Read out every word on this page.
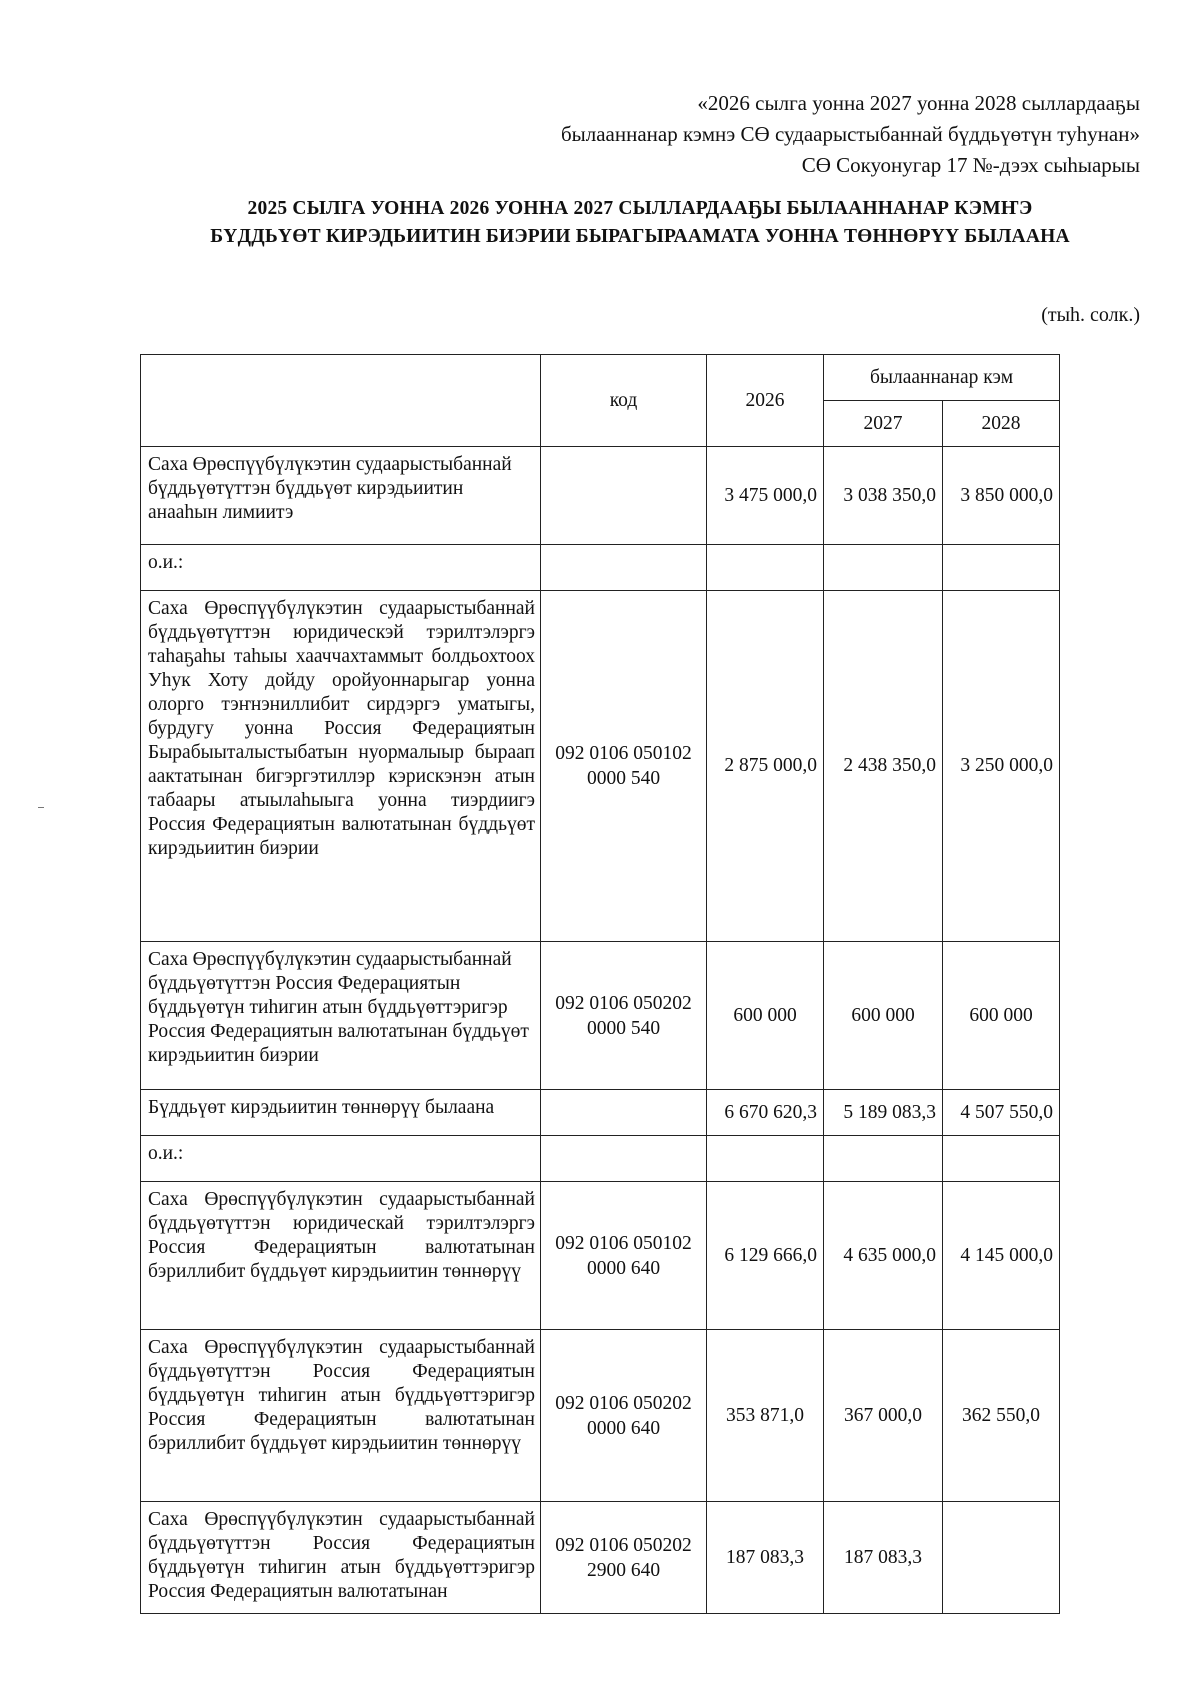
«2026 сылга уонна 2027 уонна 2028 сыллардааҕы
былааннанар кэмнэ СӨ судаарыстыбаннай бүддьүөтүн туһунан»
СӨ Сокуонугар 17 №-дээх сыһыарыы
2025 СЫЛГА УОННА 2026 УОННА 2027 СЫЛЛАРДААҔЫ БЫЛААННАНАР КЭМҤЭ
БҮДДЬҮӨТ КИРЭДЬИИТИН БИЭРИИ БЫРАГЫРААМАТА УОННА ТӨННӨРҮҮ БЫЛААНА
(тыһ. солк.)
	код	2026	былааннанар кэм	
			2027	2028
Саха Өрөспүүбүлүкэтин судаарыстыбаннай бүддьүөтүттэн бүддьүөт кирэдьиитин анааһын лимиитэ		3 475 000,0	3 038 350,0	3 850 000,0
о.и.:				
Саха Өрөспүүбүлүкэтин судаарыстыбаннай бүддьүөтүттэн юридическэй тэрилтэлэргэ таһаҕаһы таһыы хааччахтаммыт болдьохтоох Уһук Хоту дойду оройуоннарыгар уонна олорго тэҥнэниллибит сирдэргэ уматыгы, бурдугу уонна Россия Федерациятын Бырабыыталыстыбатын нуормалыыр быраап аактатынан бигэргэтиллэр кэрискэнэн атын табаары атыылаһыыга уонна тиэрдиигэ Россия Федерациятын валютатынан бүддьүөт кирэдьиитин биэрии	092 0106 050102
0000 540	2 875 000,0	2 438 350,0	3 250 000,0
Саха Өрөспүүбүлүкэтин судаарыстыбаннай бүддьүөтүттэн Россия Федерациятын бүддьүөтүн тиһигин атын бүддьүөттэригэр Россия Федерациятын валютатынан бүддьүөт кирэдьиитин биэрии	092 0106 050202
0000 540	600 000	600 000	600 000
Бүддьүөт кирэдьиитин төннөрүү былаана		6 670 620,3	5 189 083,3	4 507 550,0
о.и.:				
Саха Өрөспүүбүлүкэтин судаарыстыбаннай бүддьүөтүттэн юридическай тэрилтэлэргэ Россия Федерациятын валютатынан бэриллибит бүддьүөт кирэдьиитин төннөрүү	092 0106 050102
0000 640	6 129 666,0	4 635 000,0	4 145 000,0
Саха Өрөспүүбүлүкэтин судаарыстыбаннай бүддьүөтүттэн Россия Федерациятын бүддьүөтүн тиһигин атын бүддьүөттэригэр Россия Федерациятын валютатынан бэриллибит бүддьүөт кирэдьиитин төннөрүү	092 0106 050202
0000 640	353 871,0	367 000,0	362 550,0
Саха Өрөспүүбүлүкэтин судаарыстыбаннай бүддьүөтүттэн Россия Федерациятын бүддьүөтүн тиһигин атын бүддьүөттэригэр Россия Федерациятын валютатынан	092 0106 050202
2900 640	187 083,3	187 083,3	
